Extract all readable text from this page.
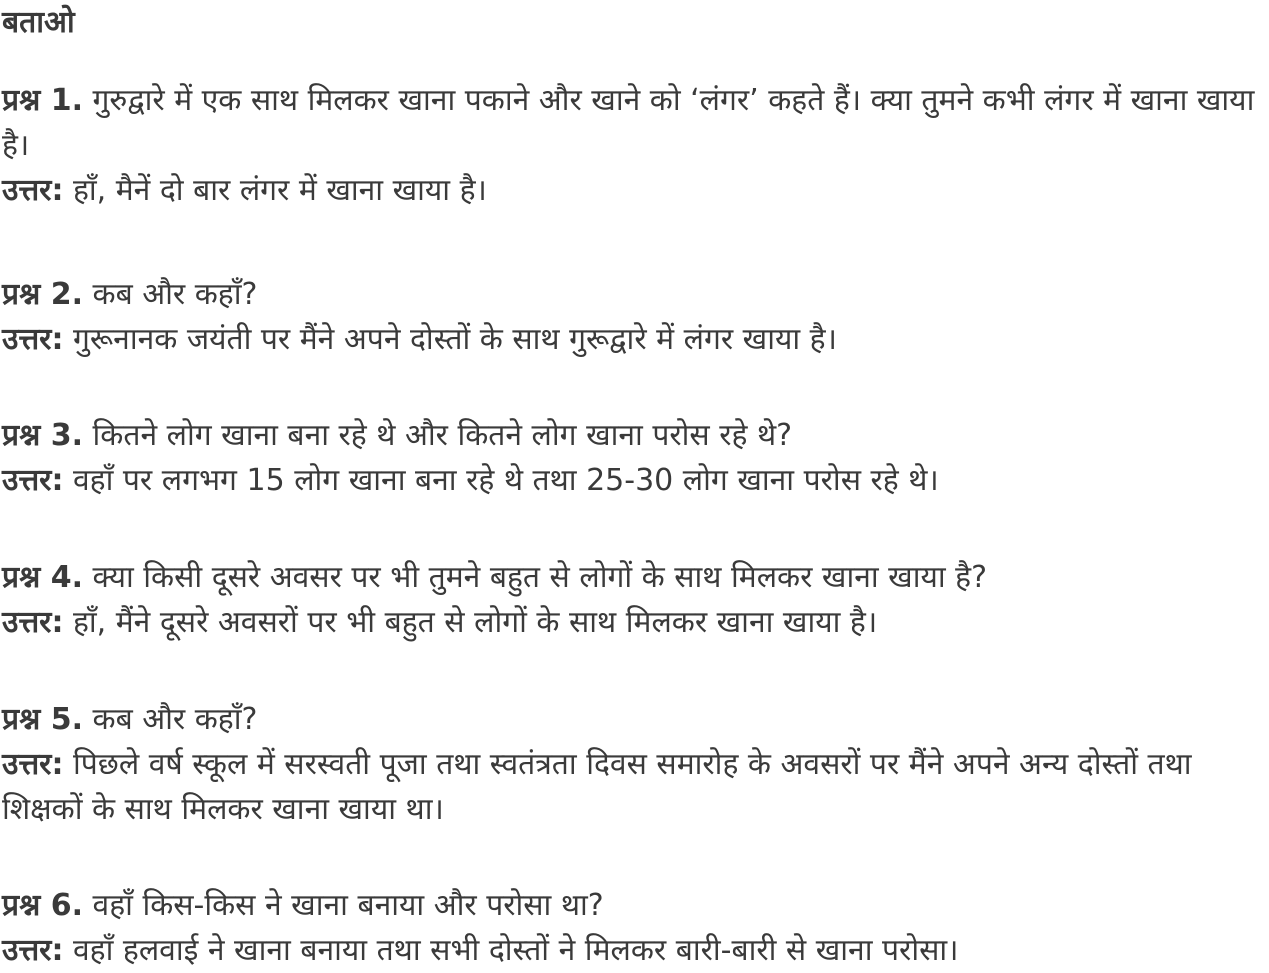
बताओ

प्रश्न 1. गुरुद्वारे में एक साथ मिलकर खाना पकाने और खाने को ‘लंगर’ कहते हैं। क्या तुमने कभी लंगर में खाना खाया है।

उत्तर: हाँ, मैनें दो बार लंगर में खाना खाया है।

प्रश्न 2. कब और कहाँ?

उत्तर: गुरूनानक जयंती पर मैंने अपने दोस्तों के साथ गुरूद्वारे में लंगर खाया है।

प्रश्न 3. कितने लोग खाना बना रहे थे और कितने लोग खाना परोस रहे थे?

उत्तर: वहाँ पर लगभग 15 लोग खाना बना रहे थे तथा 25-30 लोग खाना परोस रहे थे।

प्रश्न 4. क्या किसी दूसरे अवसर पर भी तुमने बहुत से लोगों के साथ मिलकर खाना खाया है?

उत्तर: हाँ, मैंने दूसरे अवसरों पर भी बहुत से लोगों के साथ मिलकर खाना खाया है।

प्रश्न 5. कब और कहाँ?

उत्तर: पिछले वर्ष स्कूल में सरस्वती पूजा तथा स्वतंत्रता दिवस समारोह के अवसरों पर मैंने अपने अन्य दोस्तों तथा शिक्षकों के साथ मिलकर खाना खाया था।

प्रश्न 6. वहाँ किस-किस ने खाना बनाया और परोसा था?

उत्तर: वहाँ हलवाई ने खाना बनाया तथा सभी दोस्तों ने मिलकर बारी-बारी से खाना परोसा।
